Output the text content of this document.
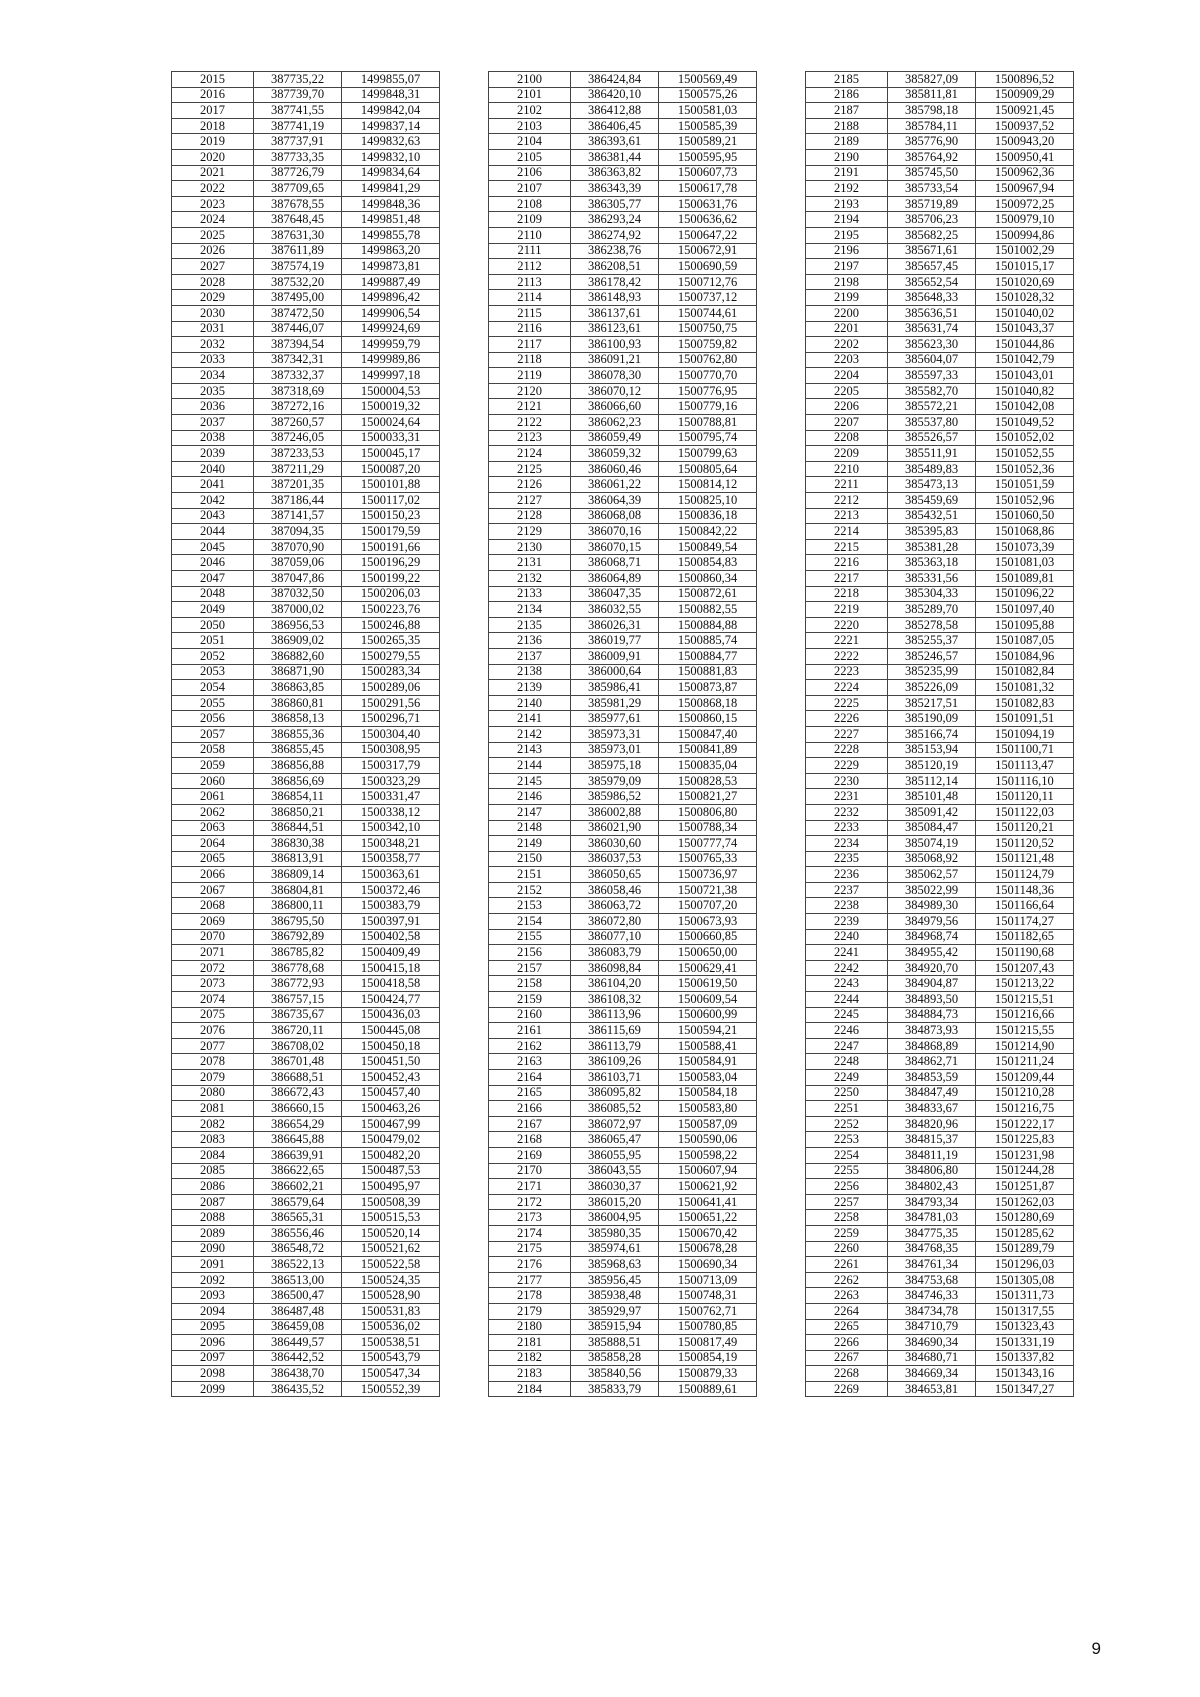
2015	387735,22	1499855,07
2016	387739,70	1499848,31
2017	387741,55	1499842,04
2018	387741,19	1499837,14
2019	387737,91	1499832,63
2020	387733,35	1499832,10
2021	387726,79	1499834,64
2022	387709,65	1499841,29
2023	387678,55	1499848,36
2024	387648,45	1499851,48
2025	387631,30	1499855,78
2026	387611,89	1499863,20
2027	387574,19	1499873,81
2028	387532,20	1499887,49
2029	387495,00	1499896,42
2030	387472,50	1499906,54
2031	387446,07	1499924,69
2032	387394,54	1499959,79
2033	387342,31	1499989,86
2034	387332,37	1499997,18
2035	387318,69	1500004,53
2036	387272,16	1500019,32
2037	387260,57	1500024,64
2038	387246,05	1500033,31
2039	387233,53	1500045,17
2040	387211,29	1500087,20
2041	387201,35	1500101,88
2042	387186,44	1500117,02
2043	387141,57	1500150,23
2044	387094,35	1500179,59
2045	387070,90	1500191,66
2046	387059,06	1500196,29
2047	387047,86	1500199,22
2048	387032,50	1500206,03
2049	387000,02	1500223,76
2050	386956,53	1500246,88
2051	386909,02	1500265,35
2052	386882,60	1500279,55
2053	386871,90	1500283,34
2054	386863,85	1500289,06
2055	386860,81	1500291,56
2056	386858,13	1500296,71
2057	386855,36	1500304,40
2058	386855,45	1500308,95
2059	386856,88	1500317,79
2060	386856,69	1500323,29
2061	386854,11	1500331,47
2062	386850,21	1500338,12
2063	386844,51	1500342,10
2064	386830,38	1500348,21
2065	386813,91	1500358,77
2066	386809,14	1500363,61
2067	386804,81	1500372,46
2068	386800,11	1500383,79
2069	386795,50	1500397,91
2070	386792,89	1500402,58
2071	386785,82	1500409,49
2072	386778,68	1500415,18
2073	386772,93	1500418,58
2074	386757,15	1500424,77
2075	386735,67	1500436,03
2076	386720,11	1500445,08
2077	386708,02	1500450,18
2078	386701,48	1500451,50
2079	386688,51	1500452,43
2080	386672,43	1500457,40
2081	386660,15	1500463,26
2082	386654,29	1500467,99
2083	386645,88	1500479,02
2084	386639,91	1500482,20
2085	386622,65	1500487,53
2086	386602,21	1500495,97
2087	386579,64	1500508,39
2088	386565,31	1500515,53
2089	386556,46	1500520,14
2090	386548,72	1500521,62
2091	386522,13	1500522,58
2092	386513,00	1500524,35
2093	386500,47	1500528,90
2094	386487,48	1500531,83
2095	386459,08	1500536,02
2096	386449,57	1500538,51
2097	386442,52	1500543,79
2098	386438,70	1500547,34
2099	386435,52	1500552,39
2100	386424,84	1500569,49
2101	386420,10	1500575,26
2102	386412,88	1500581,03
2103	386406,45	1500585,39
2104	386393,61	1500589,21
2105	386381,44	1500595,95
2106	386363,82	1500607,73
2107	386343,39	1500617,78
2108	386305,77	1500631,76
2109	386293,24	1500636,62
2110	386274,92	1500647,22
2111	386238,76	1500672,91
2112	386208,51	1500690,59
2113	386178,42	1500712,76
2114	386148,93	1500737,12
2115	386137,61	1500744,61
2116	386123,61	1500750,75
2117	386100,93	1500759,82
2118	386091,21	1500762,80
2119	386078,30	1500770,70
2120	386070,12	1500776,95
2121	386066,60	1500779,16
2122	386062,23	1500788,81
2123	386059,49	1500795,74
2124	386059,32	1500799,63
2125	386060,46	1500805,64
2126	386061,22	1500814,12
2127	386064,39	1500825,10
2128	386068,08	1500836,18
2129	386070,16	1500842,22
2130	386070,15	1500849,54
2131	386068,71	1500854,83
2132	386064,89	1500860,34
2133	386047,35	1500872,61
2134	386032,55	1500882,55
2135	386026,31	1500884,88
2136	386019,77	1500885,74
2137	386009,91	1500884,77
2138	386000,64	1500881,83
2139	385986,41	1500873,87
2140	385981,29	1500868,18
2141	385977,61	1500860,15
2142	385973,31	1500847,40
2143	385973,01	1500841,89
2144	385975,18	1500835,04
2145	385979,09	1500828,53
2146	385986,52	1500821,27
2147	386002,88	1500806,80
2148	386021,90	1500788,34
2149	386030,60	1500777,74
2150	386037,53	1500765,33
2151	386050,65	1500736,97
2152	386058,46	1500721,38
2153	386063,72	1500707,20
2154	386072,80	1500673,93
2155	386077,10	1500660,85
2156	386083,79	1500650,00
2157	386098,84	1500629,41
2158	386104,20	1500619,50
2159	386108,32	1500609,54
2160	386113,96	1500600,99
2161	386115,69	1500594,21
2162	386113,79	1500588,41
2163	386109,26	1500584,91
2164	386103,71	1500583,04
2165	386095,82	1500584,18
2166	386085,52	1500583,80
2167	386072,97	1500587,09
2168	386065,47	1500590,06
2169	386055,95	1500598,22
2170	386043,55	1500607,94
2171	386030,37	1500621,92
2172	386015,20	1500641,41
2173	386004,95	1500651,22
2174	385980,35	1500670,42
2175	385974,61	1500678,28
2176	385968,63	1500690,34
2177	385956,45	1500713,09
2178	385938,48	1500748,31
2179	385929,97	1500762,71
2180	385915,94	1500780,85
2181	385888,51	1500817,49
2182	385858,28	1500854,19
2183	385840,56	1500879,33
2184	385833,79	1500889,61
2185	385827,09	1500896,52
2186	385811,81	1500909,29
2187	385798,18	1500921,45
2188	385784,11	1500937,52
2189	385776,90	1500943,20
2190	385764,92	1500950,41
2191	385745,50	1500962,36
2192	385733,54	1500967,94
2193	385719,89	1500972,25
2194	385706,23	1500979,10
2195	385682,25	1500994,86
2196	385671,61	1501002,29
2197	385657,45	1501015,17
2198	385652,54	1501020,69
2199	385648,33	1501028,32
2200	385636,51	1501040,02
2201	385631,74	1501043,37
2202	385623,30	1501044,86
2203	385604,07	1501042,79
2204	385597,33	1501043,01
2205	385582,70	1501040,82
2206	385572,21	1501042,08
2207	385537,80	1501049,52
2208	385526,57	1501052,02
2209	385511,91	1501052,55
2210	385489,83	1501052,36
2211	385473,13	1501051,59
2212	385459,69	1501052,96
2213	385432,51	1501060,50
2214	385395,83	1501068,86
2215	385381,28	1501073,39
2216	385363,18	1501081,03
2217	385331,56	1501089,81
2218	385304,33	1501096,22
2219	385289,70	1501097,40
2220	385278,58	1501095,88
2221	385255,37	1501087,05
2222	385246,57	1501084,96
2223	385235,99	1501082,84
2224	385226,09	1501081,32
2225	385217,51	1501082,83
2226	385190,09	1501091,51
2227	385166,74	1501094,19
2228	385153,94	1501100,71
2229	385120,19	1501113,47
2230	385112,14	1501116,10
2231	385101,48	1501120,11
2232	385091,42	1501122,03
2233	385084,47	1501120,21
2234	385074,19	1501120,52
2235	385068,92	1501121,48
2236	385062,57	1501124,79
2237	385022,99	1501148,36
2238	384989,30	1501166,64
2239	384979,56	1501174,27
2240	384968,74	1501182,65
2241	384955,42	1501190,68
2242	384920,70	1501207,43
2243	384904,87	1501213,22
2244	384893,50	1501215,51
2245	384884,73	1501216,66
2246	384873,93	1501215,55
2247	384868,89	1501214,90
2248	384862,71	1501211,24
2249	384853,59	1501209,44
2250	384847,49	1501210,28
2251	384833,67	1501216,75
2252	384820,96	1501222,17
2253	384815,37	1501225,83
2254	384811,19	1501231,98
2255	384806,80	1501244,28
2256	384802,43	1501251,87
2257	384793,34	1501262,03
2258	384781,03	1501280,69
2259	384775,35	1501285,62
2260	384768,35	1501289,79
2261	384761,34	1501296,03
2262	384753,68	1501305,08
2263	384746,33	1501311,73
2264	384734,78	1501317,55
2265	384710,79	1501323,43
2266	384690,34	1501331,19
2267	384680,71	1501337,82
2268	384669,34	1501343,16
2269	384653,81	1501347,27
9
